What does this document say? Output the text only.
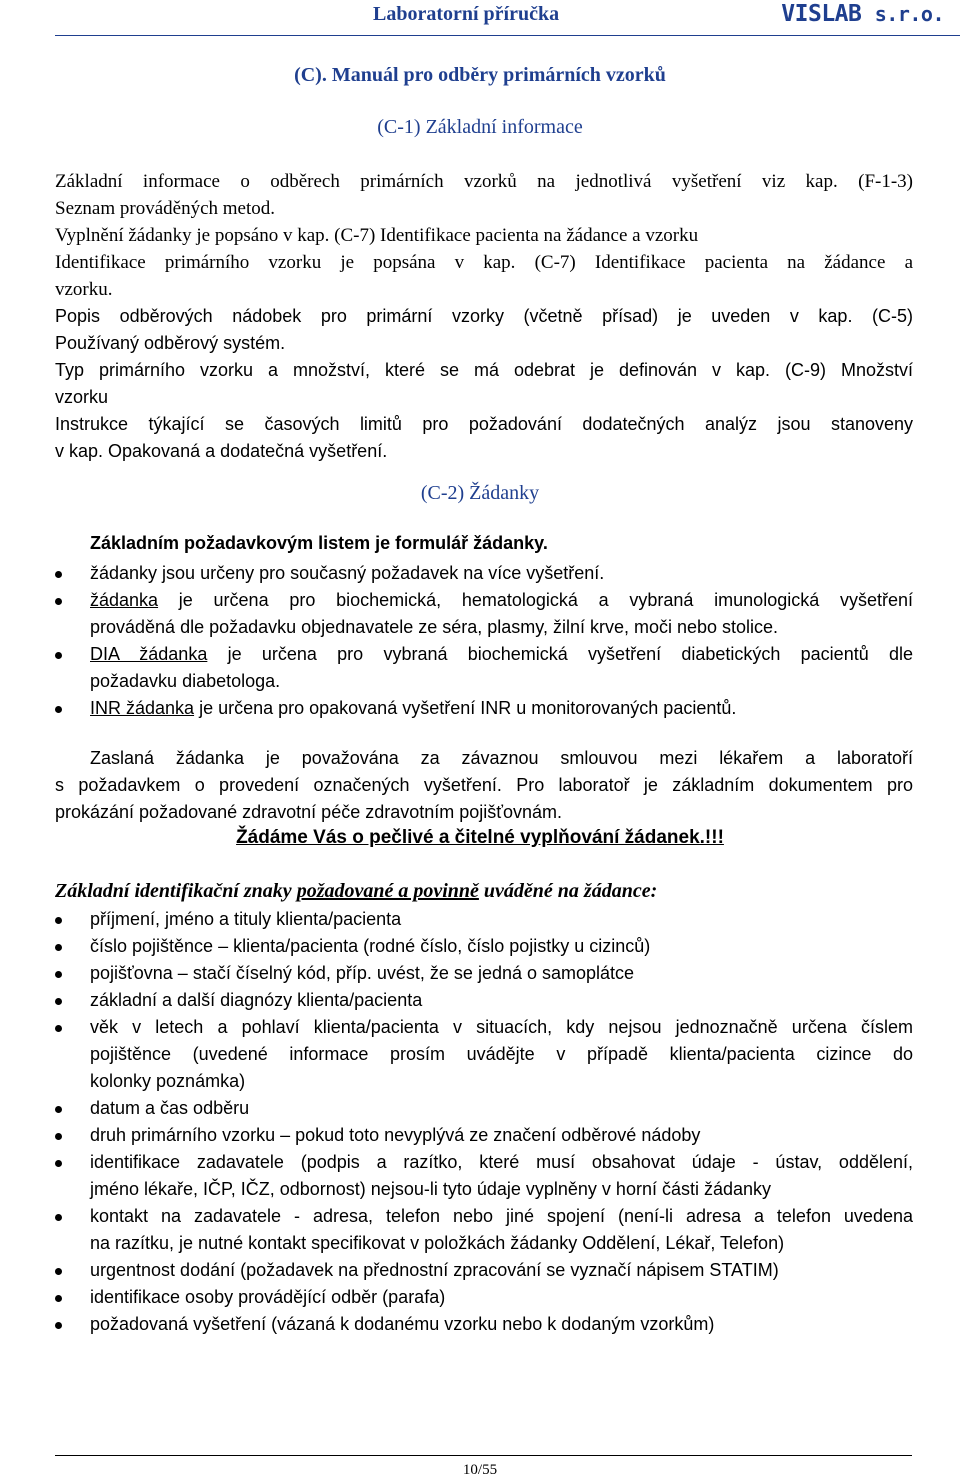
Laboratorní příručka	VISLAB s.r.o.
(C). Manuál pro odběry primárních vzorků
(C-1) Základní informace
Základní informace o odběrech primárních vzorků na jednotlivá vyšetření viz kap. (F-1-3)
Seznam prováděných metod.
Vyplnění žádanky je popsáno v kap. (C-7) Identifikace pacienta na žádance a vzorku
Identifikace primárního vzorku je popsána v kap. (C-7) Identifikace pacienta na žádance a
vzorku.
Popis odběrových nádobek pro primární vzorky (včetně přísad) je uveden v kap. (C-5)
Používaný odběrový systém.
Typ primárního vzorku a množství, které se má odebrat je definován v kap. (C-9) Množství
vzorku
Instrukce týkající se časových limitů pro požadování dodatečných analýz jsou stanoveny
v kap. Opakovaná a dodatečná vyšetření.
(C-2) Žádanky
Základním požadavkovým listem je formulář žádanky.
žádanky jsou určeny pro současný požadavek na více vyšetření.
žádanka je určena pro biochemická, hematologická a vybraná imunologická vyšetření
prováděná dle požadavku objednavatele ze séra, plasmy, žilní krve, moči nebo stolice.
DIA žádanka je určena pro vybraná biochemická vyšetření diabetických pacientů dle
požadavku diabetologa.
INR žádanka je určena pro opakovaná vyšetření INR u monitorovaných pacientů.
Zaslaná žádanka je považována za závaznou smlouvou mezi lékařem a laboratoří
s požadavkem o provedení označených vyšetření. Pro laboratoř je základním dokumentem pro
prokázání požadované zdravotní péče zdravotním pojišťovnám.
Žádáme Vás o pečlivé a čitelné vyplňování žádanek.!!!
Základní identifikační znaky požadované a povinně uváděné na žádance:
příjmení, jméno a tituly klienta/pacienta
číslo pojištěnce – klienta/pacienta (rodné číslo, číslo pojistky u cizinců)
pojišťovna – stačí číselný kód, příp. uvést, že se jedná o samoplátce
základní a další diagnózy klienta/pacienta
věk v letech a pohlaví klienta/pacienta v situacích, kdy nejsou jednoznačně určena číslem
pojištěnce (uvedené informace prosím uvádějte v případě klienta/pacienta cizince do
kolonky poznámka)
datum a čas odběru
druh primárního vzorku – pokud toto nevyplývá ze značení odběrové nádoby
identifikace zadavatele (podpis a razítko, které musí obsahovat údaje - ústav, oddělení,
jméno lékaře, IČP, IČZ, odbornost) nejsou-li tyto údaje vyplněny v horní části žádanky
kontakt na zadavatele - adresa, telefon nebo jiné spojení (není-li adresa a telefon uvedena
na razítku, je nutné kontakt specifikovat v položkách žádanky Oddělení, Lékař, Telefon)
urgentnost dodání (požadavek na přednostní zpracování se vyznačí nápisem STATIM)
identifikace osoby provádějící odběr (parafa)
požadovaná vyšetření (vázaná k dodanému vzorku nebo k dodaným vzorkům)
10/55
